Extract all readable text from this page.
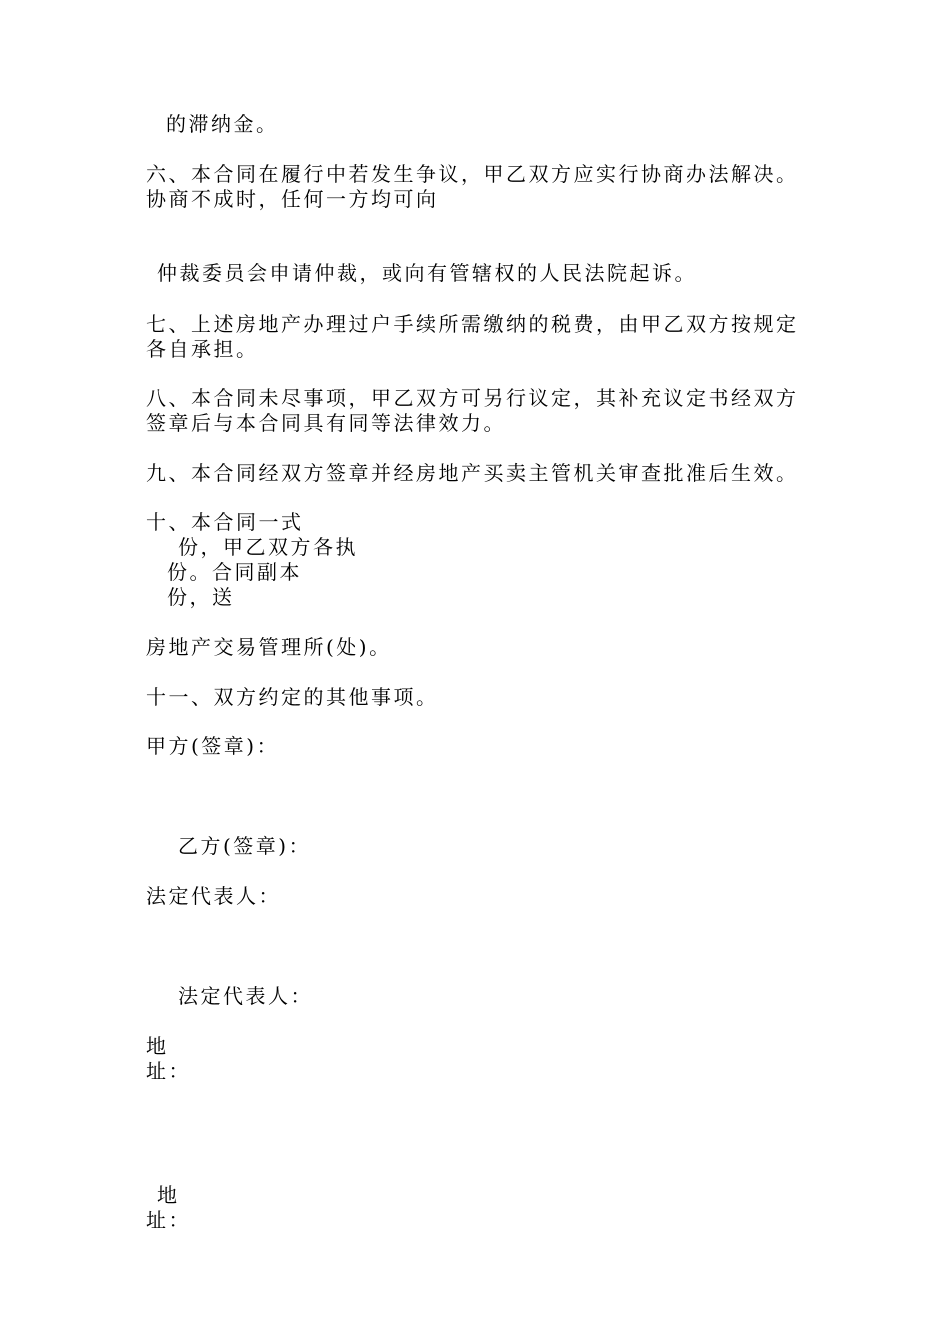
的滞纳金。
六、本合同在履行中若发生争议，甲乙双方应实行协商办法解决。
协商不成时，任何一方均可向
仲裁委员会申请仲裁，或向有管辖权的人民法院起诉。
七、上述房地产办理过户手续所需缴纳的税费，由甲乙双方按规定
各自承担。
八、本合同未尽事项，甲乙双方可另行议定，其补充议定书经双方
签章后与本合同具有同等法律效力。
九、本合同经双方签章并经房地产买卖主管机关审查批准后生效。
十、本合同一式
份，甲乙双方各执
份。合同副本
份，送
房地产交易管理所(处)。
十一、双方约定的其他事项。
甲方(签章)：
乙方(签章)：
法定代表人：
法定代表人：
地
址：
地
址：
